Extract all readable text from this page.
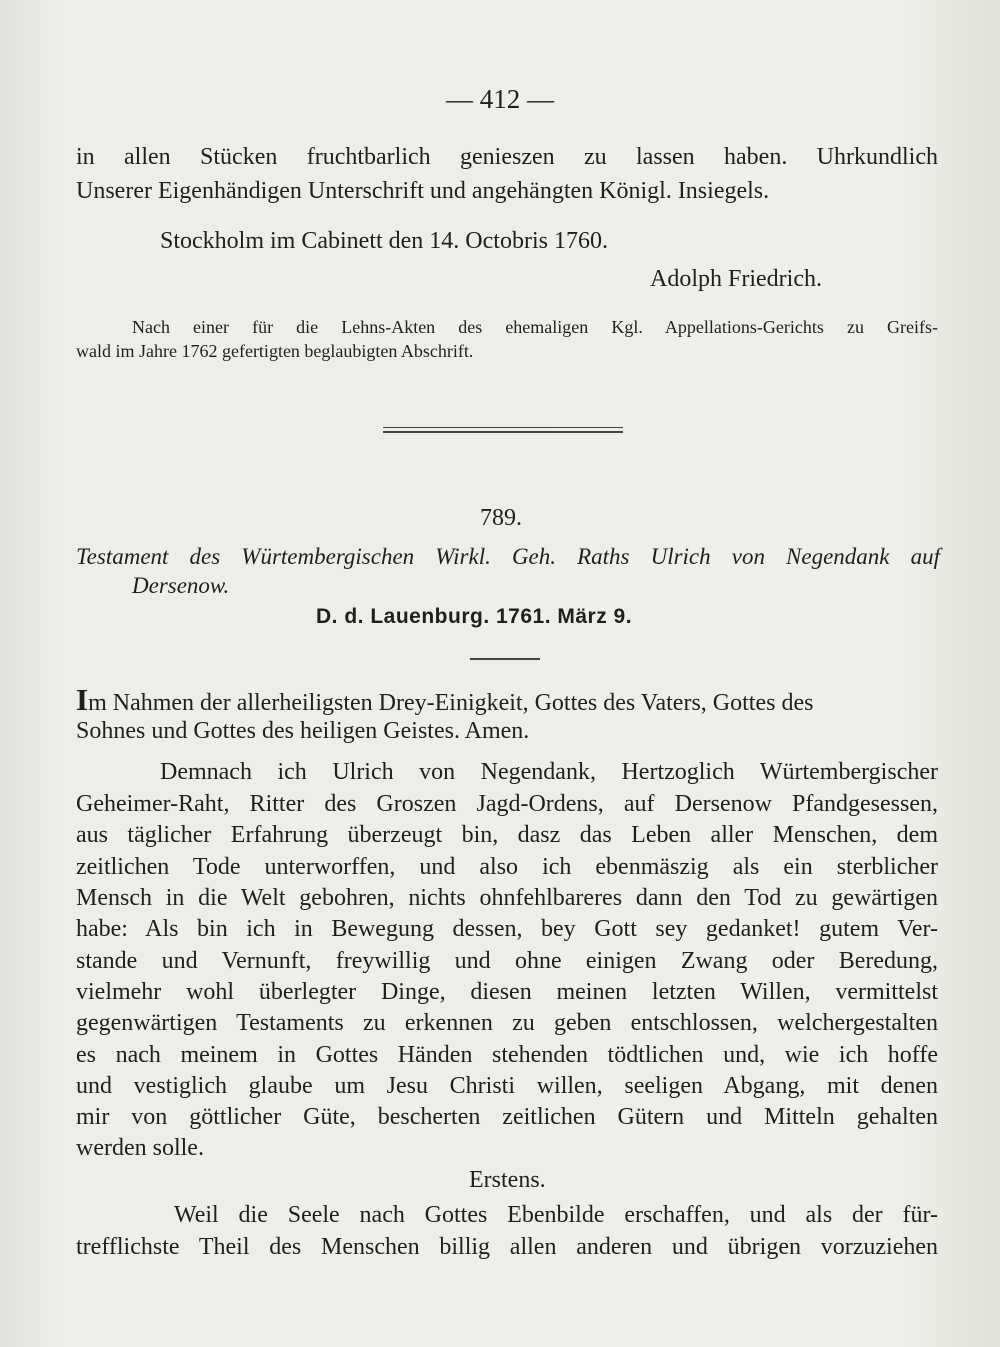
— 412 —
in allen Stücken fruchtbarlich genieszen zu lassen haben. Uhrkundlich
Unserer Eigenhändigen Unterschrift und angehängten Königl. Insiegels.
Stockholm im Cabinett den 14. Octobris 1760.
Adolph Friedrich.
Nach einer für die Lehns-Akten des ehemaligen Kgl. Appellations-Gerichts zu Greifs-
wald im Jahre 1762 gefertigten beglaubigten Abschrift.
789.
Testament des Würtembergischen Wirkl. Geh. Raths Ulrich von Negendank auf
Dersenow.
D. d. Lauenburg. 1761. März 9.
Im Nahmen der allerheiligsten Drey-Einigkeit, Gottes des Vaters, Gottes des
Sohnes und Gottes des heiligen Geistes. Amen.
Demnach ich Ulrich von Negendank, Hertzoglich Würtembergischer
Geheimer-Raht, Ritter des Groszen Jagd-Ordens, auf Dersenow Pfandgesessen,
aus täglicher Erfahrung überzeugt bin, dasz das Leben aller Menschen, dem
zeitlichen Tode unterworffen, und also ich ebenmäszig als ein sterblicher
Mensch in die Welt gebohren, nichts ohnfehlbareres dann den Tod zu gewärtigen
habe: Als bin ich in Bewegung dessen, bey Gott sey gedanket! gutem Ver-
stande und Vernunft, freywillig und ohne einigen Zwang oder Beredung,
vielmehr wohl überlegter Dinge, diesen meinen letzten Willen, vermittelst
gegenwärtigen Testaments zu erkennen zu geben entschlossen, welchergestalten
es nach meinem in Gottes Händen stehenden tödtlichen und, wie ich hoffe
und vestiglich glaube um Jesu Christi willen, seeligen Abgang, mit denen
mir von göttlicher Güte, bescherten zeitlichen Gütern und Mitteln gehalten
werden solle.
Erstens.
Weil die Seele nach Gottes Ebenbilde erschaffen, und als der für-
trefflichste Theil des Menschen billig allen anderen und übrigen vorzuziehen
